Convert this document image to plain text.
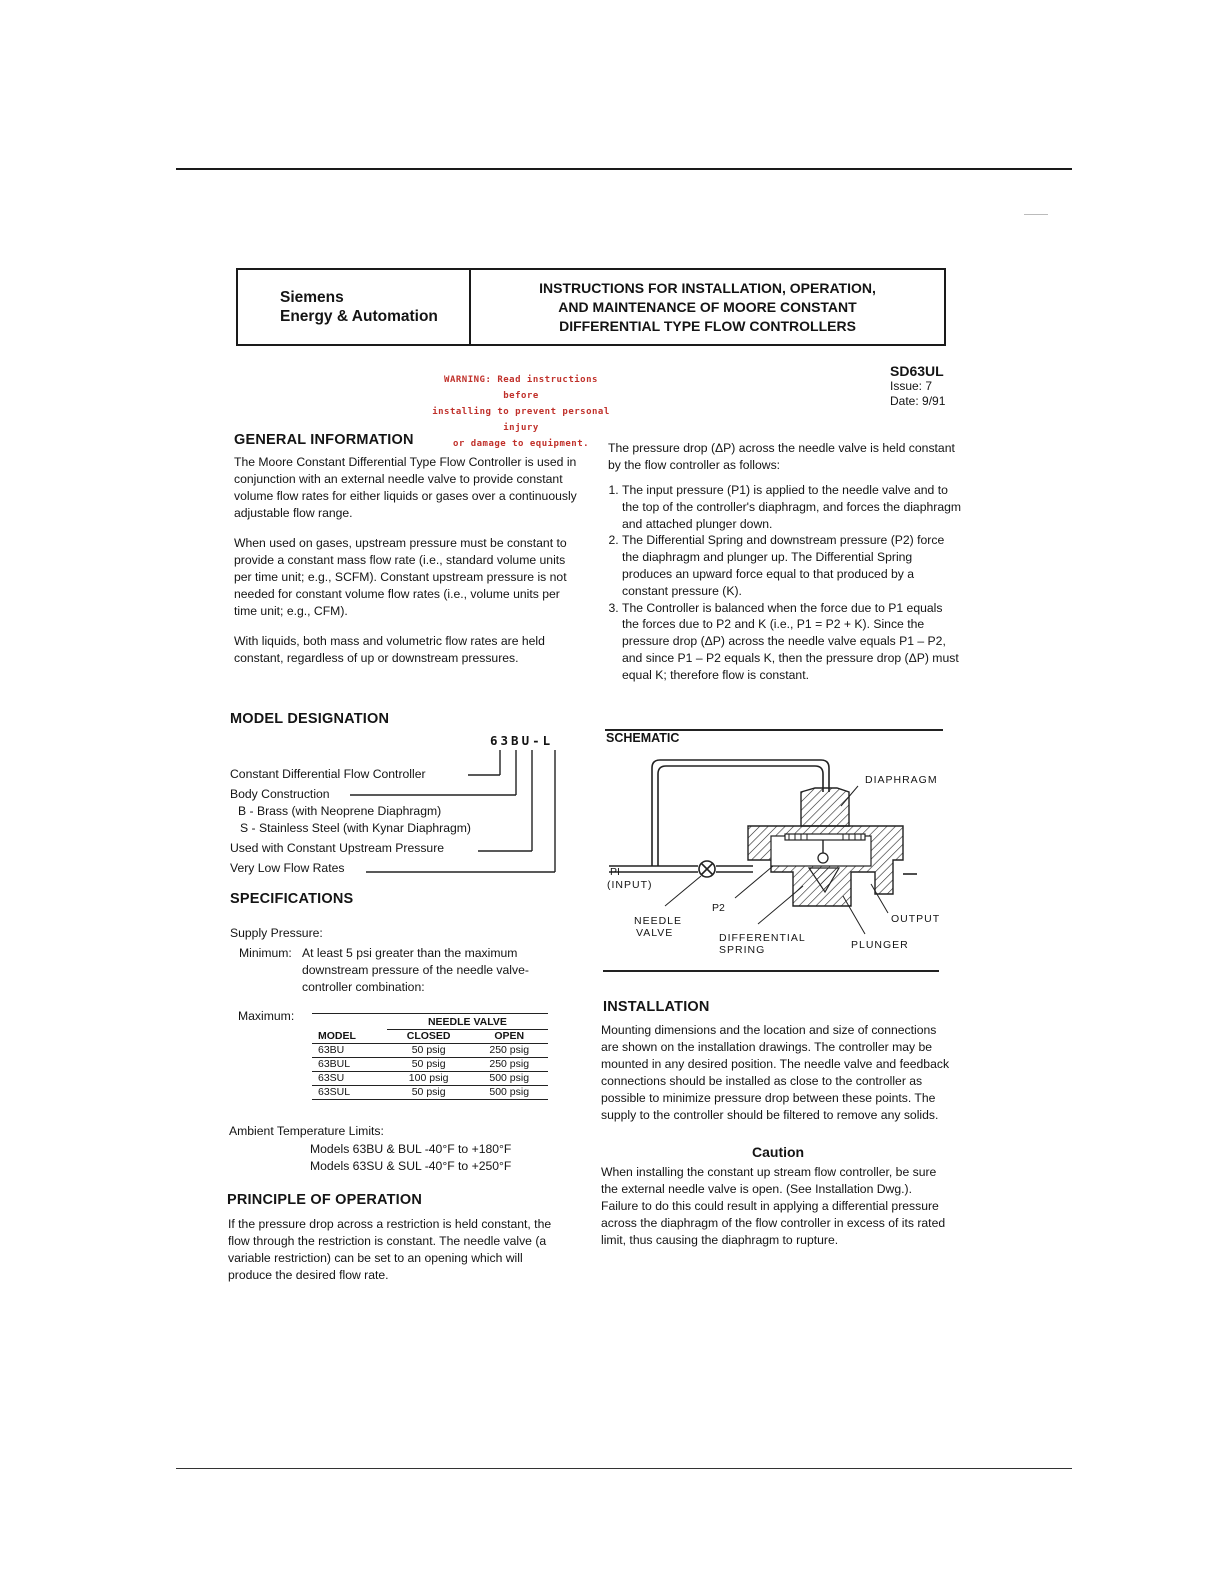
Siemens
Energy & Automation
INSTRUCTIONS FOR INSTALLATION, OPERATION,
AND MAINTENANCE OF MOORE CONSTANT
DIFFERENTIAL TYPE FLOW CONTROLLERS
WARNING: Read instructions before
installing to prevent personal injury
or damage to equipment.
SD63UL
Issue: 7
Date: 9/91
GENERAL INFORMATION

The Moore Constant Differential Type Flow Controller is used in conjunction with an external needle valve to provide constant volume flow rates for either liquids or gases over a continuously adjustable flow range.

When used on gases, upstream pressure must be constant to provide a constant mass flow rate (i.e., standard volume units per time unit; e.g., SCFM). Constant upstream pressure is not needed for constant volume flow rates (i.e., volume units per time unit; e.g., CFM).

With liquids, both mass and volumetric flow rates are held constant, regardless of up or downstream pressures.

MODEL DESIGNATION
63BU-L
Constant Differential Flow Controller
Body Construction
B - Brass (with Neoprene Diaphragm)
S - Stainless Steel (with Kynar Diaphragm)
Used with Constant Upstream Pressure
Very Low Flow Rates
SPECIFICATIONS

Supply Pressure:

Minimum: At least 5 psi greater than the maximum downstream pressure of the needle valve-controller combination:

Maximum:

		NEEDLE VALVE	
MODEL	CLOSED	OPEN
63BU	50 psig	250 psig
63BUL	50 psig	250 psig
63SU	100 psig	500 psig
63SUL	50 psig	500 psig

Ambient Temperature Limits:

Models 63BU & BUL -40°F to +180°F

Models 63SU & SUL -40°F to +250°F

PRINCIPLE OF OPERATION

If the pressure drop across a restriction is held constant, the flow through the restriction is constant. The needle valve (a variable restriction) can be set to an opening which will produce the desired flow rate.

The pressure drop (ΔP) across the needle valve is held constant by the flow controller as follows:

1. The input pressure (P1) is applied to the needle valve and to the top of the controller's diaphragm, and forces the diaphragm and attached plunger down.
2. The Differential Spring and downstream pressure (P2) force the diaphragm and plunger up. The Differential Spring produces an upward force equal to that produced by a constant pressure (K).
3. The Controller is balanced when the force due to P1 equals the forces due to P2 and K (i.e., P1 = P2 + K). Since the pressure drop (ΔP) across the needle valve equals P1 – P2, and since P1 – P2 equals K, then the pressure drop (ΔP) must equal K; therefore flow is constant.
SCHEMATIC
DIAPHRAGM
PI
(INPUT)
P2
NEEDLE
VALVE	DIFFERENTIAL
SPRING
OUTPUT
PLUNGER
INSTALLATION

Mounting dimensions and the location and size of connections are shown on the installation drawings. The controller may be mounted in any desired position. The needle valve and feedback connections should be installed as close to the controller as possible to minimize pressure drop between these points. The supply to the controller should be filtered to remove any solids.

Caution

When installing the constant up stream flow controller, be sure the external needle valve is open. (See Installation Dwg.). Failure to do this could result in applying a differential pressure across the diaphragm of the flow controller in excess of its rated limit, thus causing the diaphragm to rupture.
